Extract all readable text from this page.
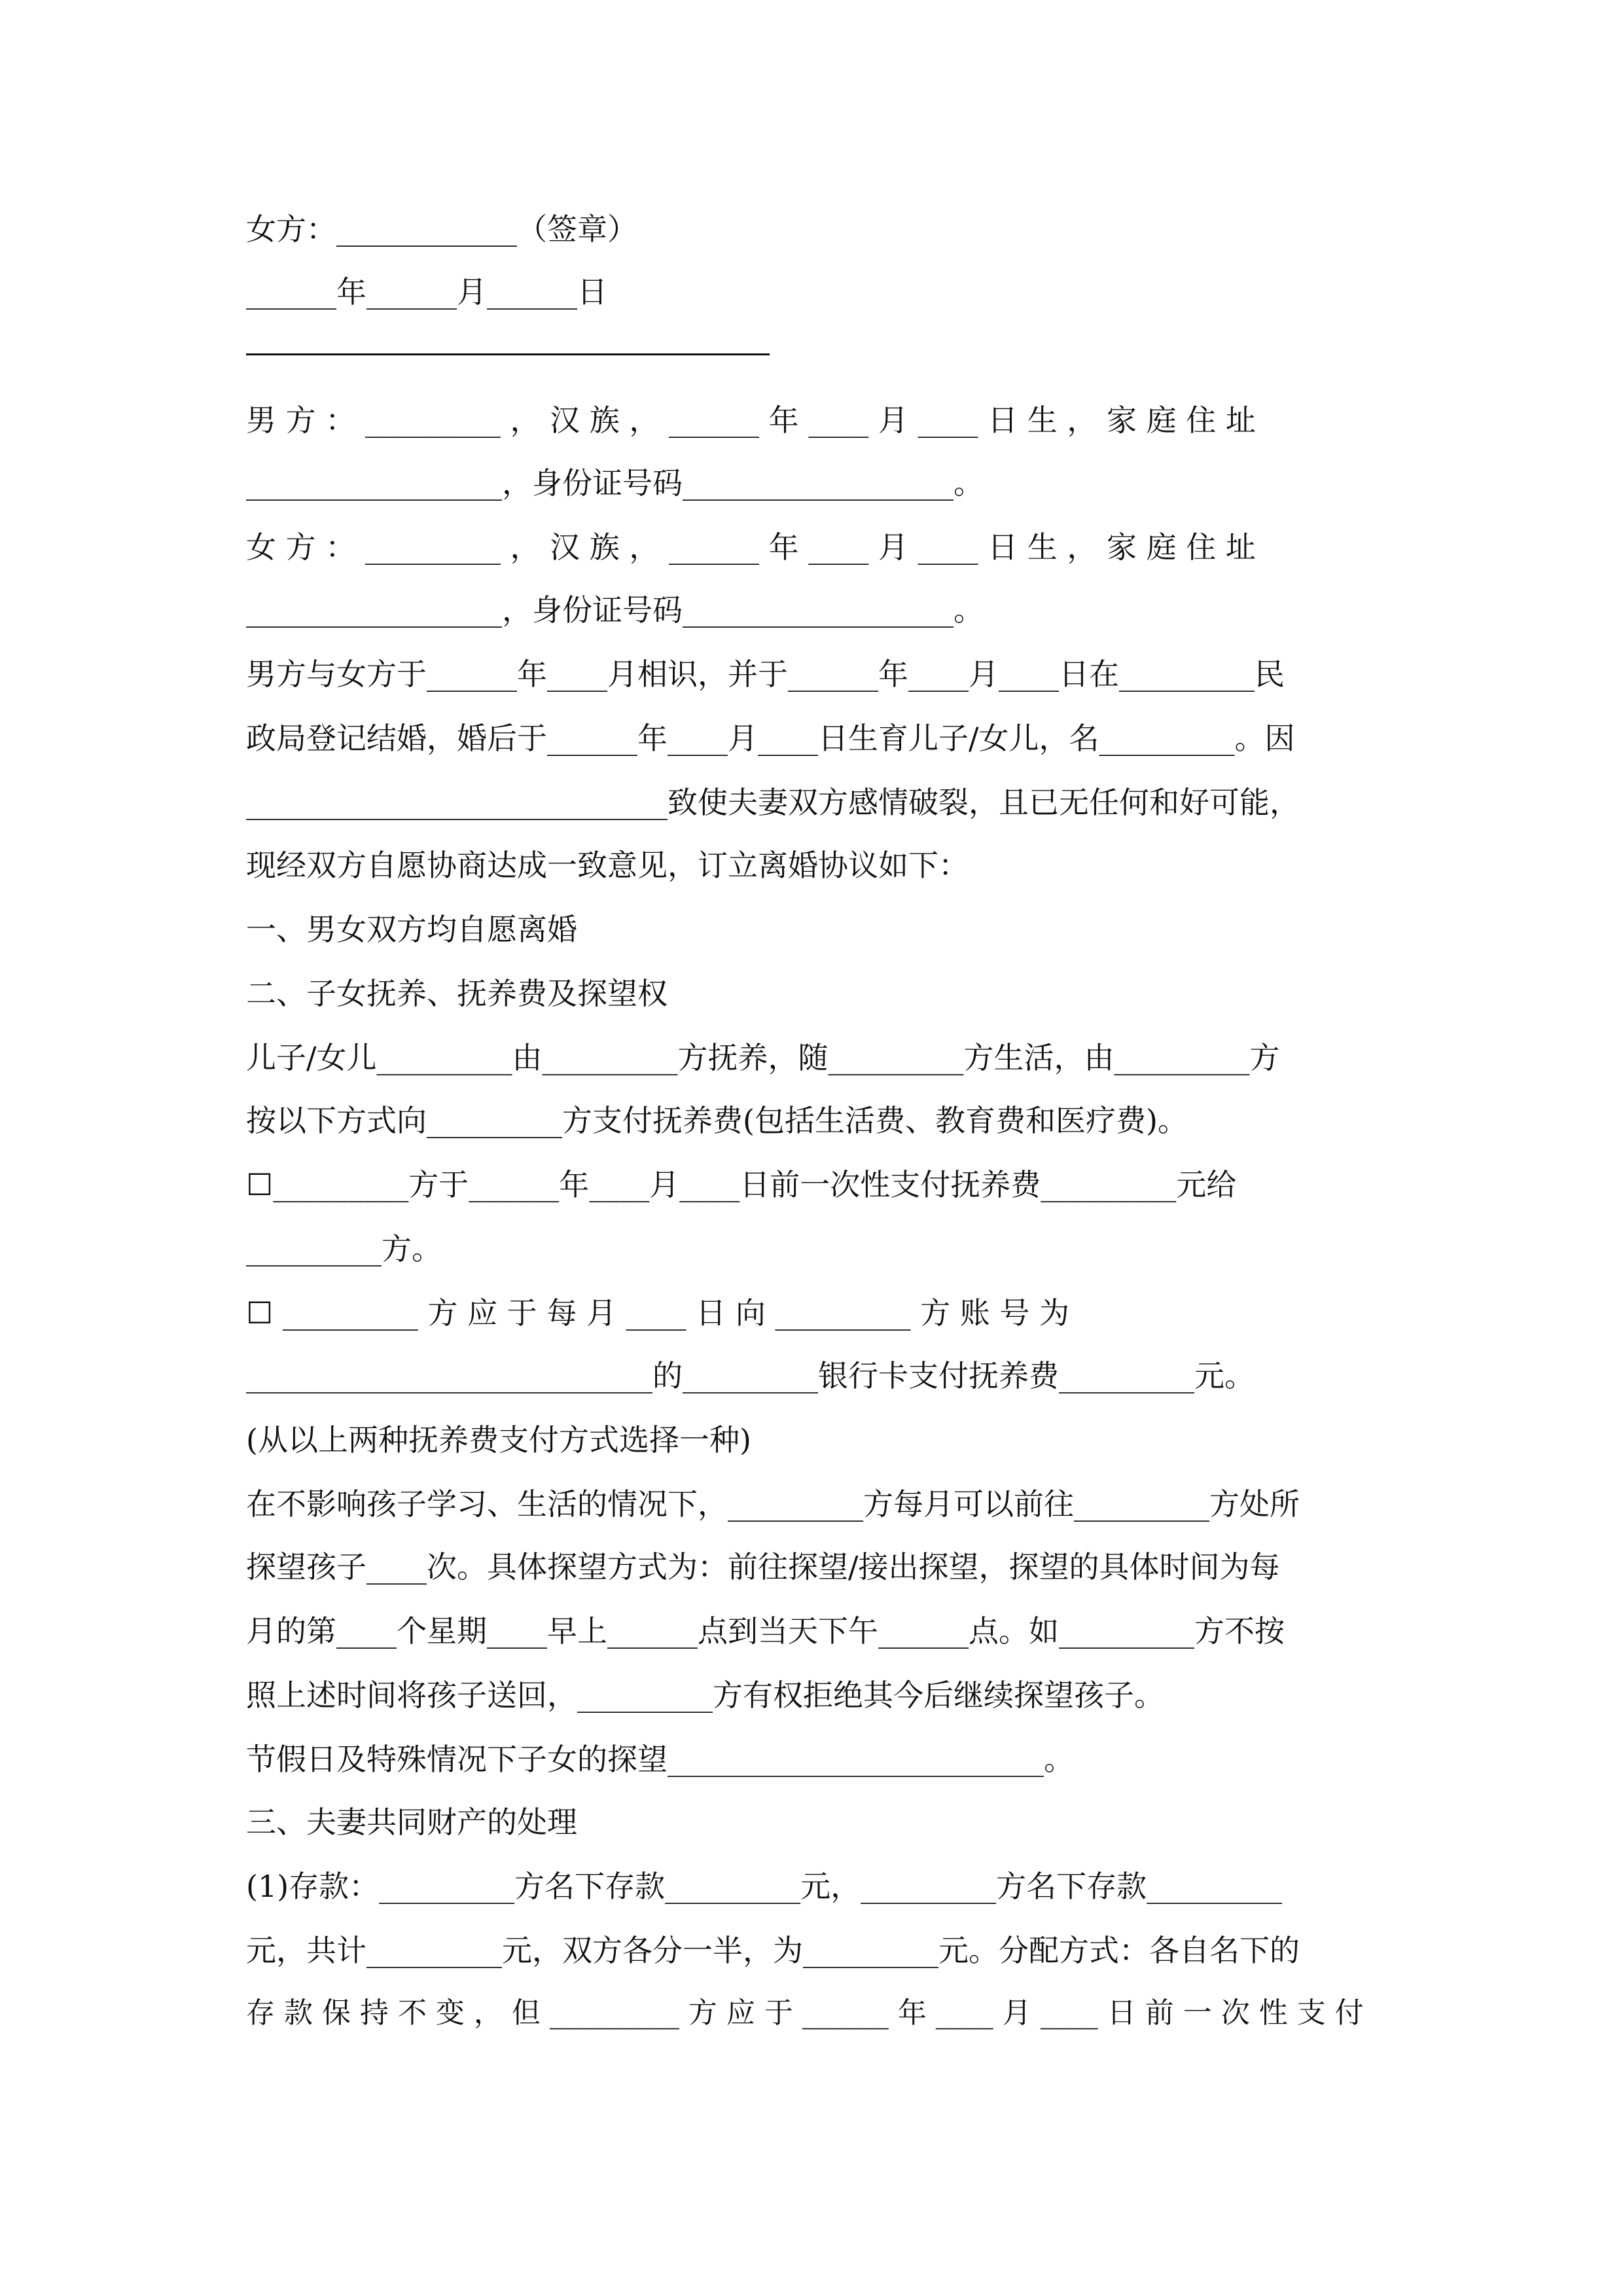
女方：____________（签章）
______年______月______日
男 方 ： _________ ， 汉 族 ， ______ 年 ____ 月 ____ 日 生 ， 家 庭 住 址
_________________，身份证号码__________________。
女 方 ： _________ ， 汉 族 ， ______ 年 ____ 月 ____ 日 生 ， 家 庭 住 址
_________________，身份证号码__________________。
男方与女方于______年____月相识，并于______年____月____日在_________民
政局登记结婚，婚后于______年____月____日生育儿子/女儿，名_________。因
____________________________致使夫妻双方感情破裂，且已无任何和好可能，
现经双方自愿协商达成一致意见，订立离婚协议如下：
一、男女双方均自愿离婚
二、子女抚养、抚养费及探望权
儿子/女儿_________由_________方抚养，随_________方生活，由_________方
按以下方式向_________方支付抚养费(包括生活费、教育费和医疗费)。
☐_________方于______年____月____日前一次性支付抚养费_________元给
_________方。
☐ _________ 方 应 于 每 月 ____ 日 向 _________ 方 账 号 为
___________________________的_________银行卡支付抚养费_________元。
(从以上两种抚养费支付方式选择一种)
在不影响孩子学习、生活的情况下，_________方每月可以前往_________方处所
探望孩子____次。具体探望方式为：前往探望/接出探望，探望的具体时间为每
月的第____个星期____早上______点到当天下午______点。如_________方不按
照上述时间将孩子送回，_________方有权拒绝其今后继续探望孩子。
节假日及特殊情况下子女的探望_________________________。
三、夫妻共同财产的处理
(1)存款：_________方名下存款_________元，_________方名下存款_________
元，共计_________元，双方各分一半，为_________元。分配方式：各自名下的
存 款 保 持 不 变 ， 但 _________ 方 应 于 ______ 年 ____ 月 ____ 日 前 一 次 性 支 付
